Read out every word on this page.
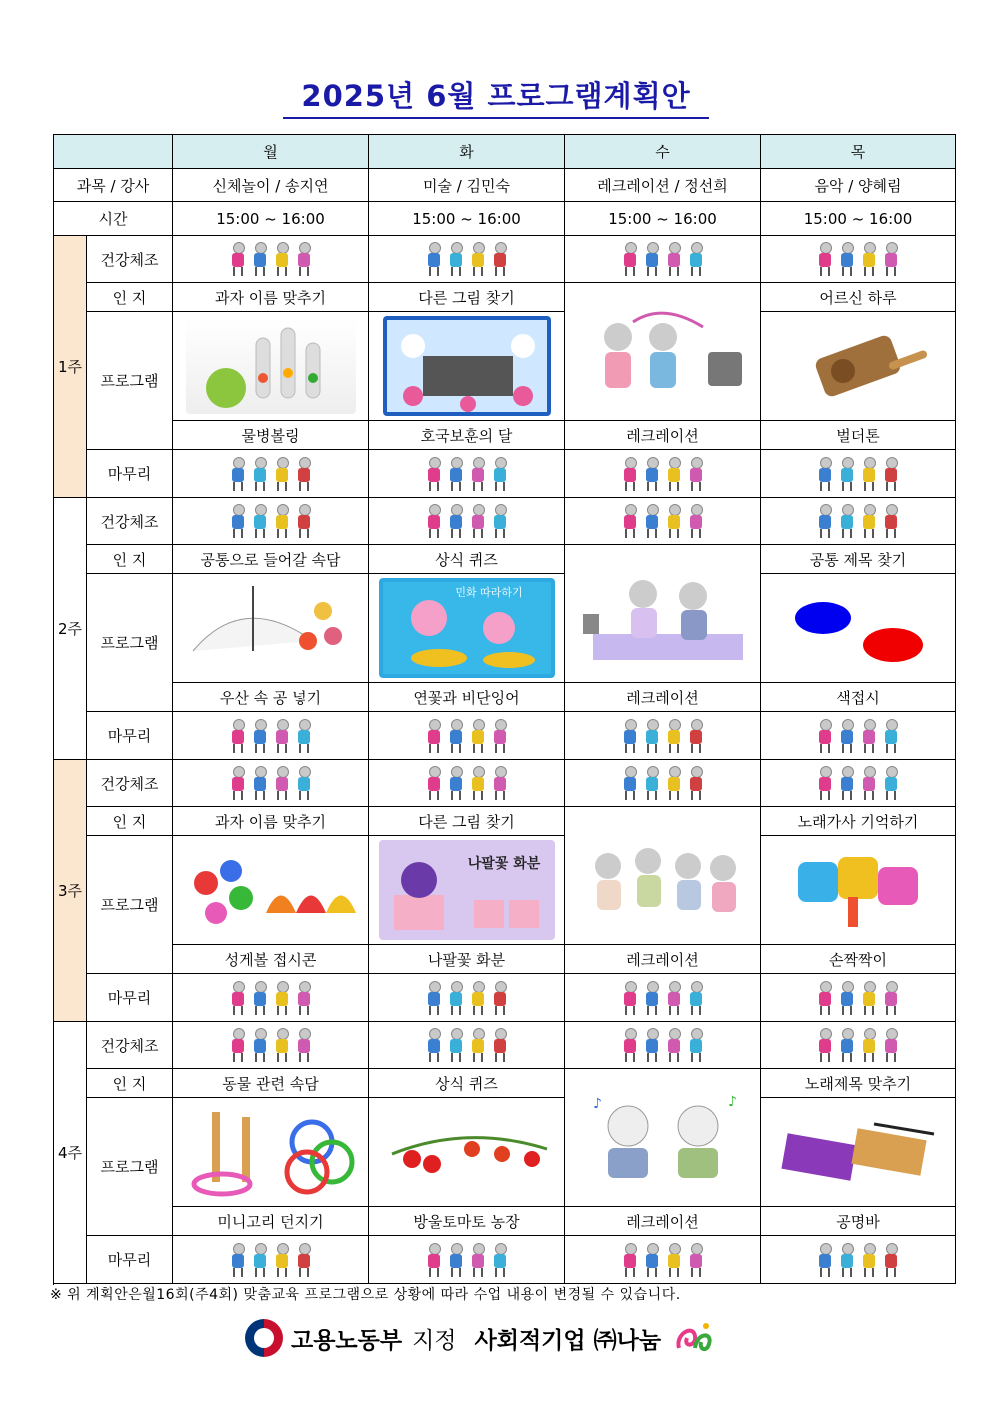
2025년 6월 프로그램계획안
		월	화	수	목
과목 / 강사		신체놀이 / 송지연	미술 / 김민숙	레크레이션 / 정선희	음악 / 양혜림
시간		15:00 ~ 16:00	15:00 ~ 16:00	15:00 ~ 16:00	15:00 ~ 16:00
1주	건강체조	

	인 지	과자 이름 맞추기	다른 그림 찾기		어르신 하루
	프로그램	

		물병볼링	호국보훈의 달	레크레이션	벌더톤
	마무리	

2주	건강체조	

	인 지	공통으로 들어갈 속담	상식 퀴즈		공통 제목 찾기
	프로그램		민화 따라하기

		우산 속 공 넣기	연꽃과 비단잉어	레크레이션	색접시
	마무리	

3주	건강체조	

	인 지	과자 이름 맞추기	다른 그림 찾기		노래가사 기억하기
	프로그램		나팔꽃 화분

		성게볼 접시콘	나팔꽃 화분	레크레이션	손짝짝이
	마무리	

4주	건강체조	

	인 지	동물 관련 속담	상식 퀴즈	♪ ♪	노래제목 맞추기
	프로그램	

		미니고리 던지기	방울토마토 농장	레크레이션	공명바
	마무리	

※ 위 계획안은월16회(주4회) 맞춤교육 프로그램으로 상황에 따라 수업 내용이 변경될 수 있습니다.
고용노동부 지정 사회적기업 ㈜나눔
